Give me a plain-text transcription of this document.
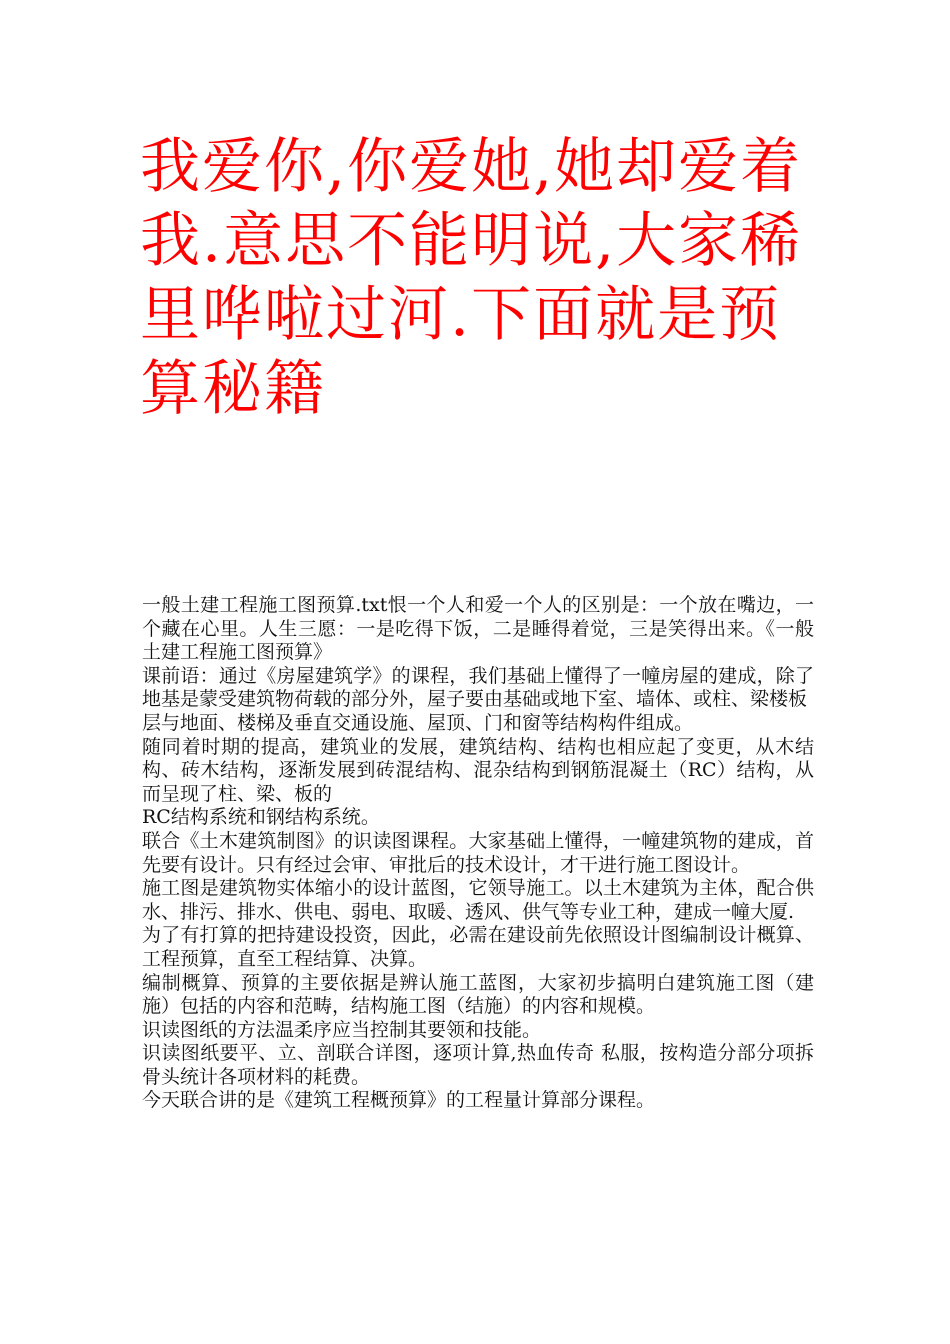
我爱你,你爱她,她却爱着我.意思不能明说,大家稀里哗啦过河.下面就是预算秘籍

一般土建工程施工图预算.txt恨一个人和爱一个人的区别是：一个放在嘴边，一个藏在心里。人生三愿：一是吃得下饭，二是睡得着觉，三是笑得出来。《一般土建工程施工图预算》

课前语：通过《房屋建筑学》的课程，我们基础上懂得了一幢房屋的建成，除了地基是蒙受建筑物荷载的部分外，屋子要由基础或地下室、墙体、或柱、梁楼板

层与地面、楼梯及垂直交通设施、屋顶、门和窗等结构构件组成。

随同着时期的提高，建筑业的发展，建筑结构、结构也相应起了变更，从木结构、砖木结构，逐渐发展到砖混结构、混杂结构到钢筋混凝土（RC）结构，从而呈现了柱、梁、板的

RC结构系统和钢结构系统。

联合《土木建筑制图》的识读图课程。大家基础上懂得，一幢建筑物的建成，首先要有设计。只有经过会审、审批后的技术设计，才干进行施工图设计。

施工图是建筑物实体缩小的设计蓝图，它领导施工。以土木建筑为主体，配合供水、排污、排水、供电、弱电、取暖、透风、供气等专业工种，建成一幢大厦.

为了有打算的把持建设投资，因此，必需在建设前先依照设计图编制设计概算、工程预算，直至工程结算、决算。

编制概算、预算的主要依据是辨认施工蓝图，大家初步搞明白建筑施工图（建施）包括的内容和范畴，结构施工图（结施）的内容和规模。

识读图纸的方法温柔序应当控制其要领和技能。

识读图纸要平、立、剖联合详图，逐项计算,热血传奇 私服，按构造分部分项拆骨头统计各项材料的耗费。

今天联合讲的是《建筑工程概预算》的工程量计算部分课程。
